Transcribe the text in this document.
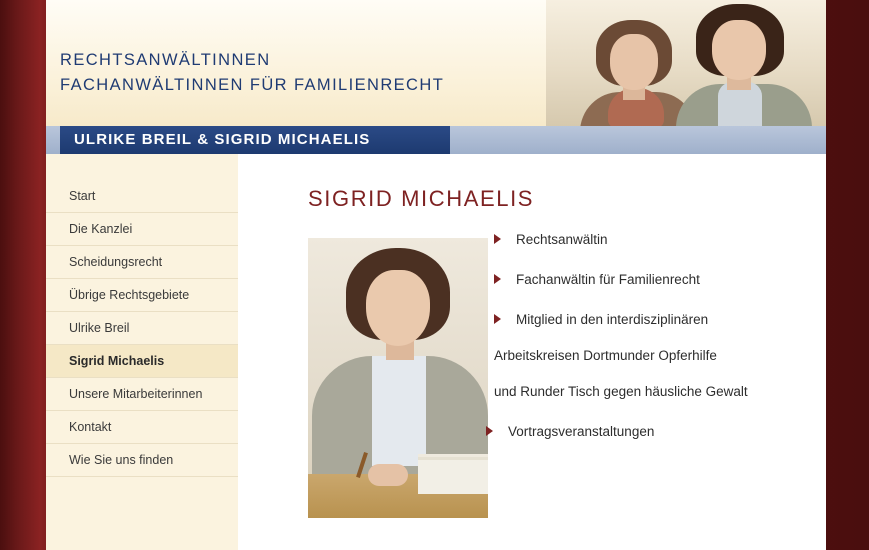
RECHTSANWÄLTINNEN
FACHANWÄLTINNEN FÜR FAMILIENRECHT
ULRIKE BREIL & SIGRID MICHAELIS
Start
Die Kanzlei
Scheidungsrecht
Übrige Rechtsgebiete
Ulrike Breil
Sigrid Michaelis
Unsere Mitarbeiterinnen
Kontakt
Wie Sie uns finden
SIGRID MICHAELIS
Rechtsanwältin
Fachanwältin für Familienrecht
Mitglied in den interdisziplinären
Arbeitskreisen Dortmunder Opferhilfe
und Runder Tisch gegen häusliche Gewalt
Vortragsveranstaltungen
